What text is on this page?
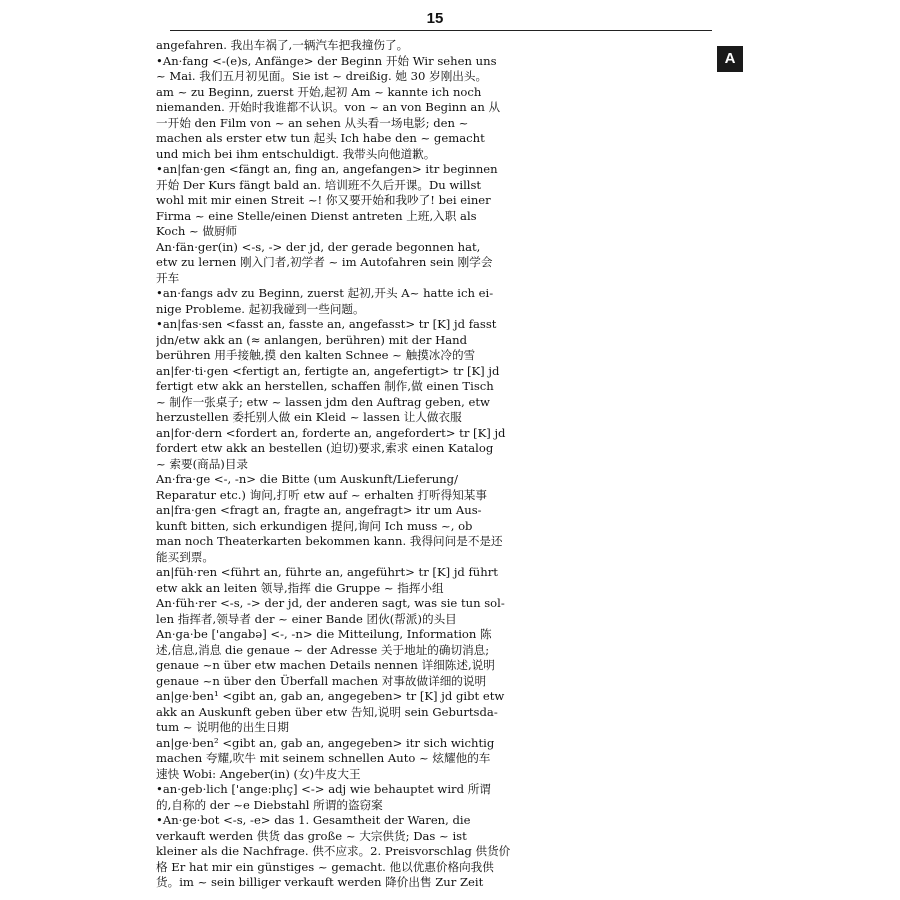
15
A
angefahren. 我出车祸了,一辆汽车把我撞伤了。
•An·fang <-(e)s, Anfänge> der Beginn 开始 Wir sehen uns
~ Mai. 我们五月初见面。Sie ist ~ dreißig. 她 30 岁刚出头。
am ~ zu Beginn, zuerst 开始,起初 Am ~ kannte ich noch
niemanden. 开始时我谁都不认识。von ~ an von Beginn an 从
一开始 den Film von ~ an sehen 从头看一场电影; den ~
machen als erster etw tun 起头 Ich habe den ~ gemacht
und mich bei ihm entschuldigt. 我带头向他道歉。
•an|fan·gen <fängt an, fing an, angefangen> itr beginnen
开始 Der Kurs fängt bald an. 培训班不久后开课。Du willst
wohl mit mir einen Streit ~! 你又要开始和我吵了! bei einer
Firma ~ eine Stelle/einen Dienst antreten 上班,入职 als
Koch ~ 做厨师
An·fän·ger(in) <-s, -> der jd, der gerade begonnen hat,
etw zu lernen 刚入门者,初学者 ~ im Autofahren sein 刚学会
开车
•an·fangs adv zu Beginn, zuerst 起初,开头 A~ hatte ich ei-
nige Probleme. 起初我碰到一些问题。
•an|fas·sen <fasst an, fasste an, angefasst> tr [K] jd fasst
jdn/etw akk an (≈ anlangen, berühren) mit der Hand
berühren 用手接触,摸 den kalten Schnee ~ 触摸冰冷的雪
an|fer·ti·gen <fertigt an, fertigte an, angefertigt> tr [K] jd
fertigt etw akk an herstellen, schaffen 制作,做 einen Tisch
~ 制作一张桌子; etw ~ lassen jdm den Auftrag geben, etw
herzustellen 委托别人做 ein Kleid ~ lassen 让人做衣服
an|for·dern <fordert an, forderte an, angefordert> tr [K] jd
fordert etw akk an bestellen (迫切)要求,索求 einen Katalog
~ 索要(商品)目录
An·fra·ge <-, -n> die Bitte (um Auskunft/Lieferung/
Reparatur etc.) 询问,打听 etw auf ~ erhalten 打听得知某事
an|fra·gen <fragt an, fragte an, angefragt> itr um Aus-
kunft bitten, sich erkundigen 提问,询问 Ich muss ~, ob
man noch Theaterkarten bekommen kann. 我得问问是不是还
能买到票。
an|füh·ren <führt an, führte an, angeführt> tr [K] jd führt
etw akk an leiten 领导,指挥 die Gruppe ~ 指挥小组
An·füh·rer <-s, -> der jd, der anderen sagt, was sie tun sol-
len 指挥者,领导者 der ~ einer Bande 团伙(帮派)的头目
An·ga·be ['angabə] <-, -n> die Mitteilung, Information 陈
述,信息,消息 die genaue ~ der Adresse 关于地址的确切消息;
genaue ~n über etw machen Details nennen 详细陈述,说明
genaue ~n über den Überfall machen 对事故做详细的说明
an|ge·ben¹ <gibt an, gab an, angegeben> tr [K] jd gibt etw
akk an Auskunft geben über etw 告知,说明 sein Geburtsda-
tum ~ 说明他的出生日期
an|ge·ben² <gibt an, gab an, angegeben> itr sich wichtig
machen 夸耀,吹牛 mit seinem schnellen Auto ~ 炫耀他的车
速快 Wobi: Angeber(in) (女)牛皮大王
•an·geb·lich ['ange:plıç] <-> adj wie behauptet wird 所谓
的,自称的 der ~e Diebstahl 所谓的盗窃案
•An·ge·bot <-s, -e> das 1. Gesamtheit der Waren, die
verkauft werden 供货 das große ~ 大宗供货; Das ~ ist
kleiner als die Nachfrage. 供不应求。2. Preisvorschlag 供货价
格 Er hat mir ein günstiges ~ gemacht. 他以优惠价格向我供
货。im ~ sein billiger verkauft werden 降价出售 Zur Zeit
